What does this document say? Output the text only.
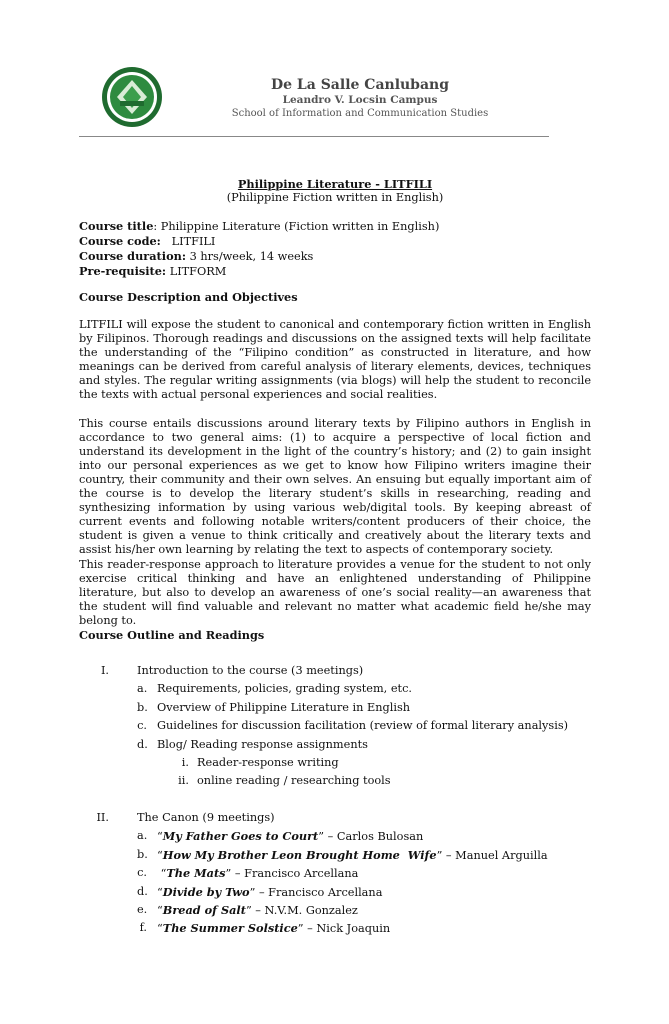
De La Salle Canlubang
Leandro V. Locsin Campus
School of Information and Communication Studies
Philippine Literature - LITFILI
(Philippine Fiction written in English)
Course title: Philippine Literature (Fiction written in English)
Course code: LITFILI
Course duration: 3 hrs/week, 14 weeks
Pre-requisite: LITFORM
Course Description and Objectives
LITFILI will expose the student to canonical and contemporary fiction written in English by Filipinos. Thorough readings and discussions on the assigned texts will help facilitate the understanding of the “Filipino condition” as constructed in literature, and how meanings can be derived from careful analysis of literary elements, devices, techniques and styles. The regular writing assignments (via blogs) will help the student to reconcile the texts with actual personal experiences and social realities.
This course entails discussions around literary texts by Filipino authors in English in accordance to two general aims: (1) to acquire a perspective of local fiction and understand its development in the light of the country’s history; and (2) to gain insight into our personal experiences as we get to know how Filipino writers imagine their country, their community and their own selves. An ensuing but equally important aim of the course is to develop the literary student’s skills in researching, reading and synthesizing information by using various web/digital tools. By keeping abreast of current events and following notable writers/content producers of their choice, the student is given a venue to think critically and creatively about the literary texts and assist his/her own learning by relating the text to aspects of contemporary society.
This reader-response approach to literature provides a venue for the student to not only exercise critical thinking and have an enlightened understanding of Philippine literature, but also to develop an awareness of one’s social reality—an awareness that the student will find valuable and relevant no matter what academic field he/she may belong to.
Course Outline and Readings
I. Introduction to the course (3 meetings)
a. Requirements, policies, grading system, etc.
b. Overview of Philippine Literature in English
c. Guidelines for discussion facilitation (review of formal literary analysis)
d. Blog/ Reading response assignments
i. Reader-response writing
ii. online reading / researching tools
II. The Canon (9 meetings)
a. “My Father Goes to Court” – Carlos Bulosan
b. “How My Brother Leon Brought Home  Wife” – Manuel Arguilla
c. “The Mats” – Francisco Arcellana
d. “Divide by Two” – Francisco Arcellana
e. “Bread of Salt” – N.V.M. Gonzalez
f. “The Summer Solstice” – Nick Joaquin
